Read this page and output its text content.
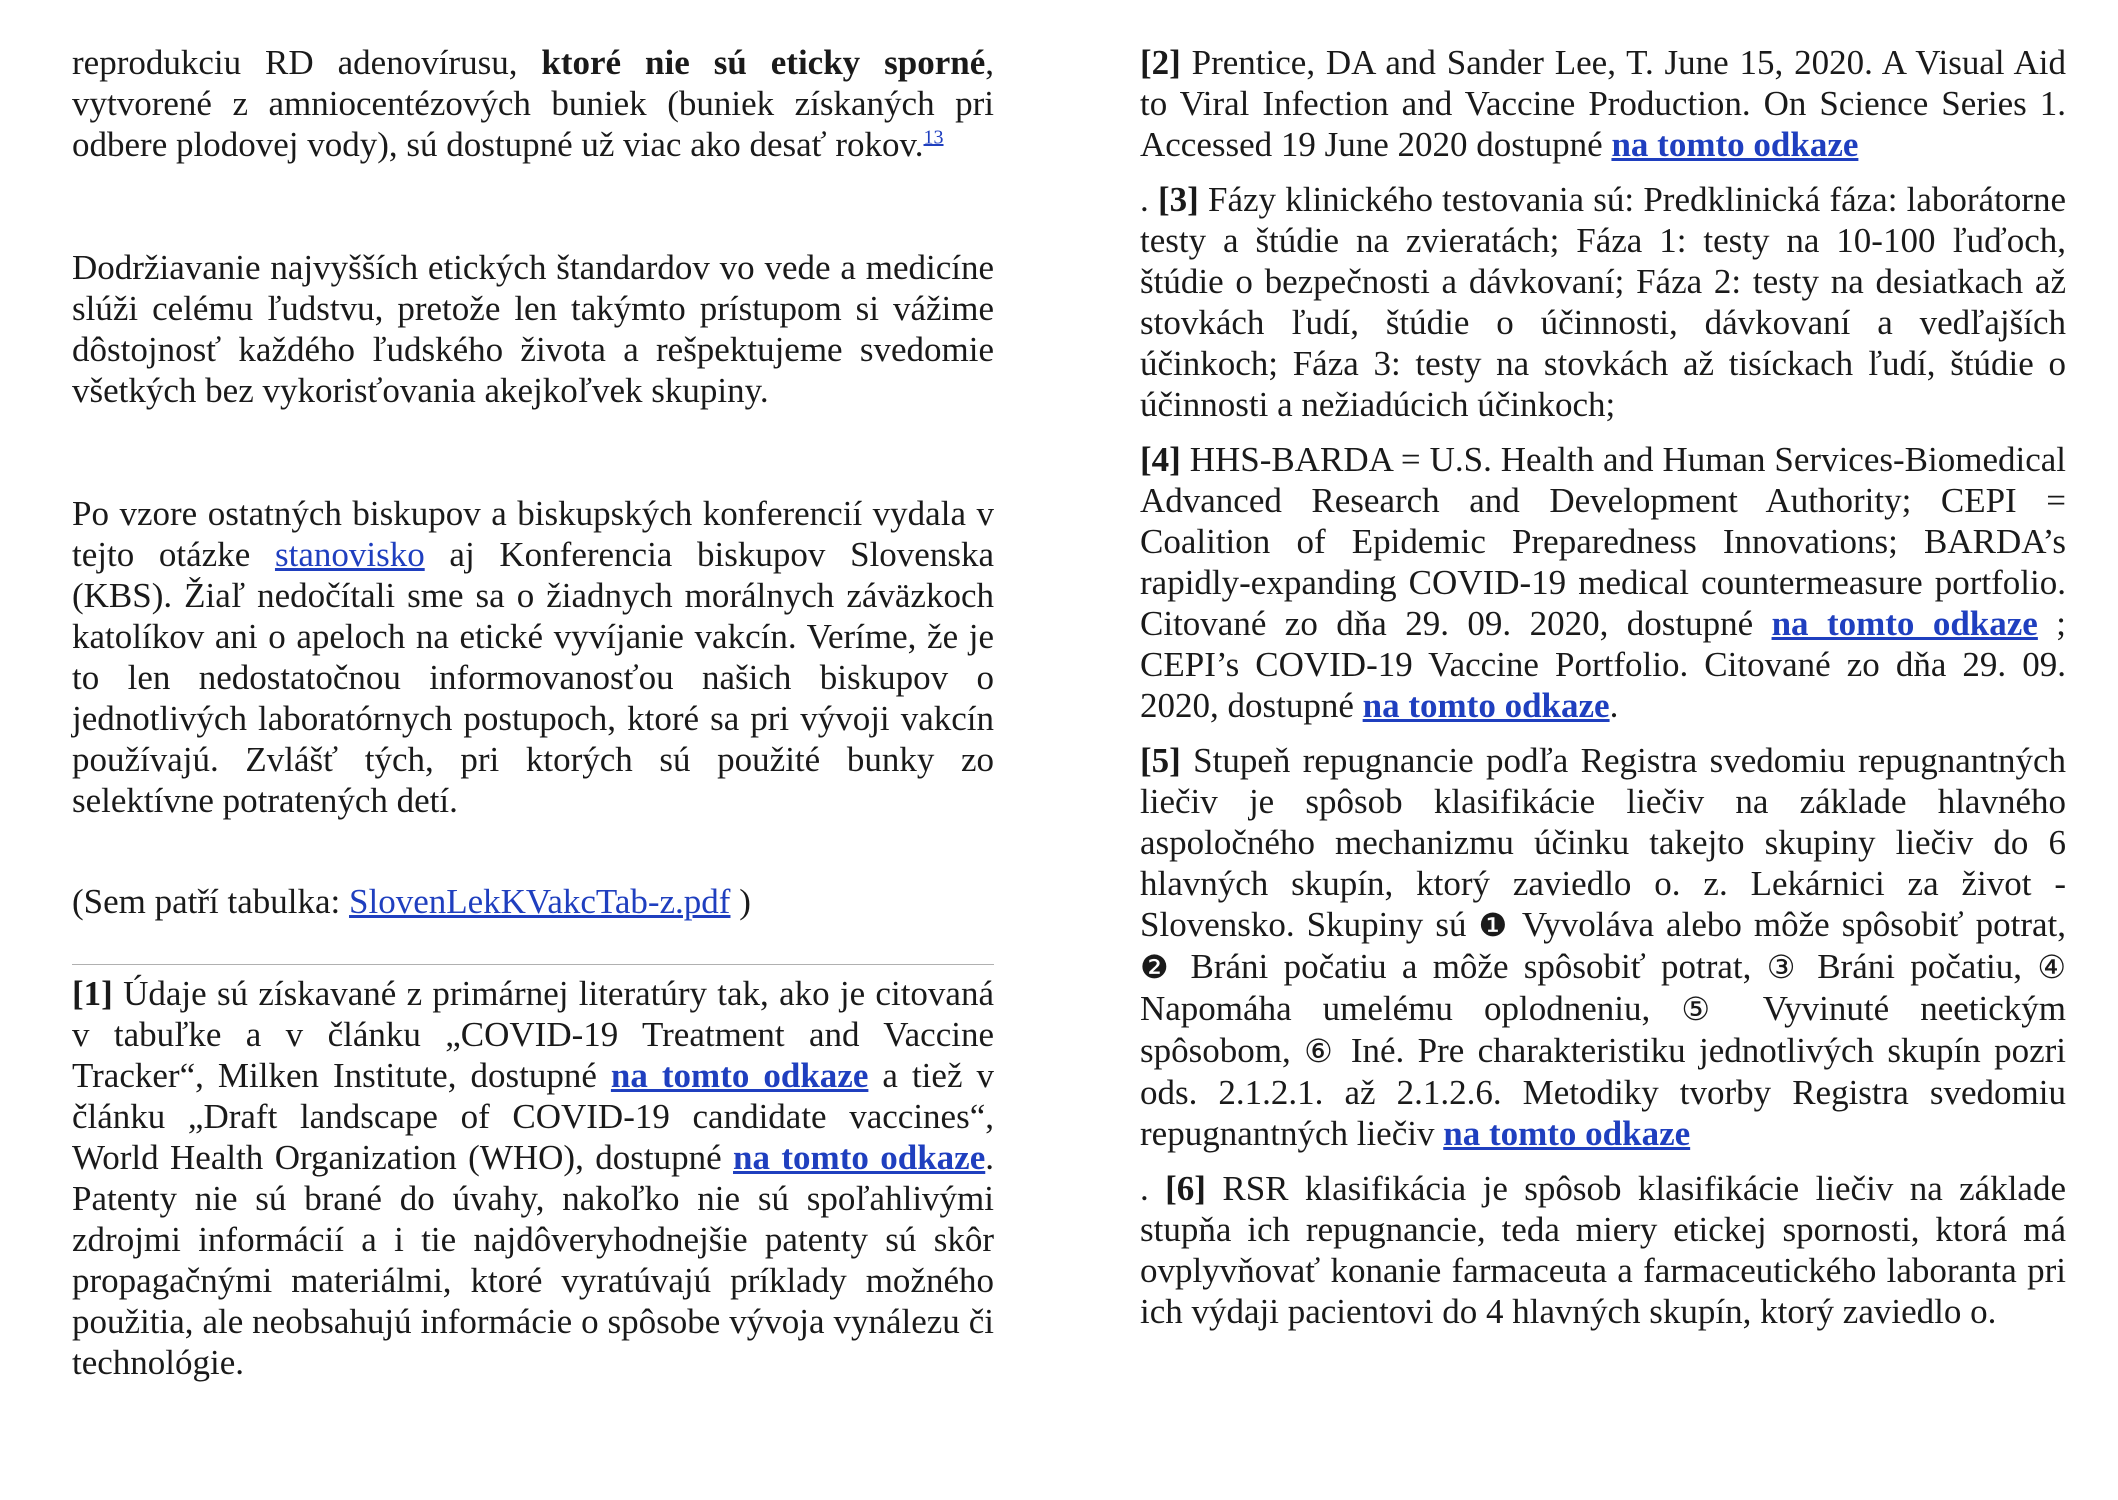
reprodukciu RD adenovírusu, ktoré nie sú eticky sporné, vytvorené z amniocentézových buniek (buniek získaných pri odbere plodovej vody), sú dostupné už viac ako desať rokov.$^{13}$

Dodržiavanie najvyšších etických štandardov vo vede a medicíne slúži celému ľudstvu, pretože len takýmto prístupom si vážime dôstojnosť každého ľudského života a rešpektujeme svedomie všetkých bez vykorisťovania akejkoľvek skupiny.

Po vzore ostatných biskupov a biskupských konferencií vydala v tejto otázke stanovisko aj Konferencia biskupov Slovenska (KBS). Žiaľ nedočítali sme sa o žiadnych morálnych záväzkoch katolíkov ani o apeloch na etické vyvíjanie vakcín. Veríme, že je to len nedostatočnou informovanosťou našich biskupov o jednotlivých laboratórnych postupoch, ktoré sa pri vývoji vakcín používajú. Zvlášť tých, pri ktorých sú použité bunky zo selektívne potratených detí.

(Sem patří tabulka: SlovenLekKVakcTab-z.pdf )

[1] Údaje sú získavané z primárnej literatúry tak, ako je citovaná v tabuľke a v článku „COVID-19 Treatment and Vaccine Tracker“, Milken Institute, dostupné na tomto odkaze a tiež v článku „Draft landscape of COVID-19 candidate vaccines“, World Health Organization (WHO), dostupné na tomto odkaze. Patenty nie sú brané do úvahy, nakoľko nie sú spoľahlivými zdrojmi informácií a i tie najdôveryhodnejšie patenty sú skôr propagačnými materiálmi, ktoré vyratúvajú príklady možného použitia, ale neobsahujú informácie o spôsobe vývoja vynálezu či technológie.

[2] Prentice, DA and Sander Lee, T. June 15, 2020. A Visual Aid to Viral Infection and Vaccine Production. On Science Series 1. Accessed 19 June 2020 dostupné na tomto odkaze

. [3] Fázy klinického testovania sú: Predklinická fáza: laborátorne testy a štúdie na zvieratách; Fáza 1: testy na 10-100 ľuďoch, štúdie o bezpečnosti a dávkovaní; Fáza 2: testy na desiatkach až stovkách ľudí, štúdie o účinnosti, dávkovaní a vedľajších účinkoch; Fáza 3: testy na stovkách až tisíckach ľudí, štúdie o účinnosti a nežiadúcich účinkoch;

[4] HHS-BARDA = U.S. Health and Human Services-Biomedical Advanced Research and Development Authority; CEPI = Coalition of Epidemic Preparedness Innovations; BARDA’s rapidly-expanding COVID-19 medical countermeasure portfolio. Citované zo dňa 29. 09. 2020, dostupné na tomto odkaze ; CEPI’s COVID-19 Vaccine Portfolio. Citované zo dňa 29. 09. 2020, dostupné na tomto odkaze.

[5] Stupeň repugnancie podľa Registra svedomiu repugnantných liečiv je spôsob klasifikácie liečiv na základe hlavného aspoločného mechanizmu účinku takejto skupiny liečiv do 6 hlavných skupín, ktorý zaviedlo o. z. Lekárnici za život - Slovensko. Skupiny sú ❶ Vyvoláva alebo môže spôsobiť potrat, ❷ Bráni počatiu a môže spôsobiť potrat, ③ Bráni počatiu, ④ Napomáha umelému oplodneniu, ⑤ Vyvinuté neetickým spôsobom, ⑥ Iné. Pre charakteristiku jednotlivých skupín pozri ods. 2.1.2.1. až 2.1.2.6. Metodiky tvorby Registra svedomiu repugnantných liečiv na tomto odkaze

. [6] RSR klasifikácia je spôsob klasifikácie liečiv na základe stupňa ich repugnancie, teda miery etickej spornosti, ktorá má ovplyvňovať konanie farmaceuta a farmaceutického laboranta pri ich výdaji pacientovi do 4 hlavných skupín, ktorý zaviedlo o.
